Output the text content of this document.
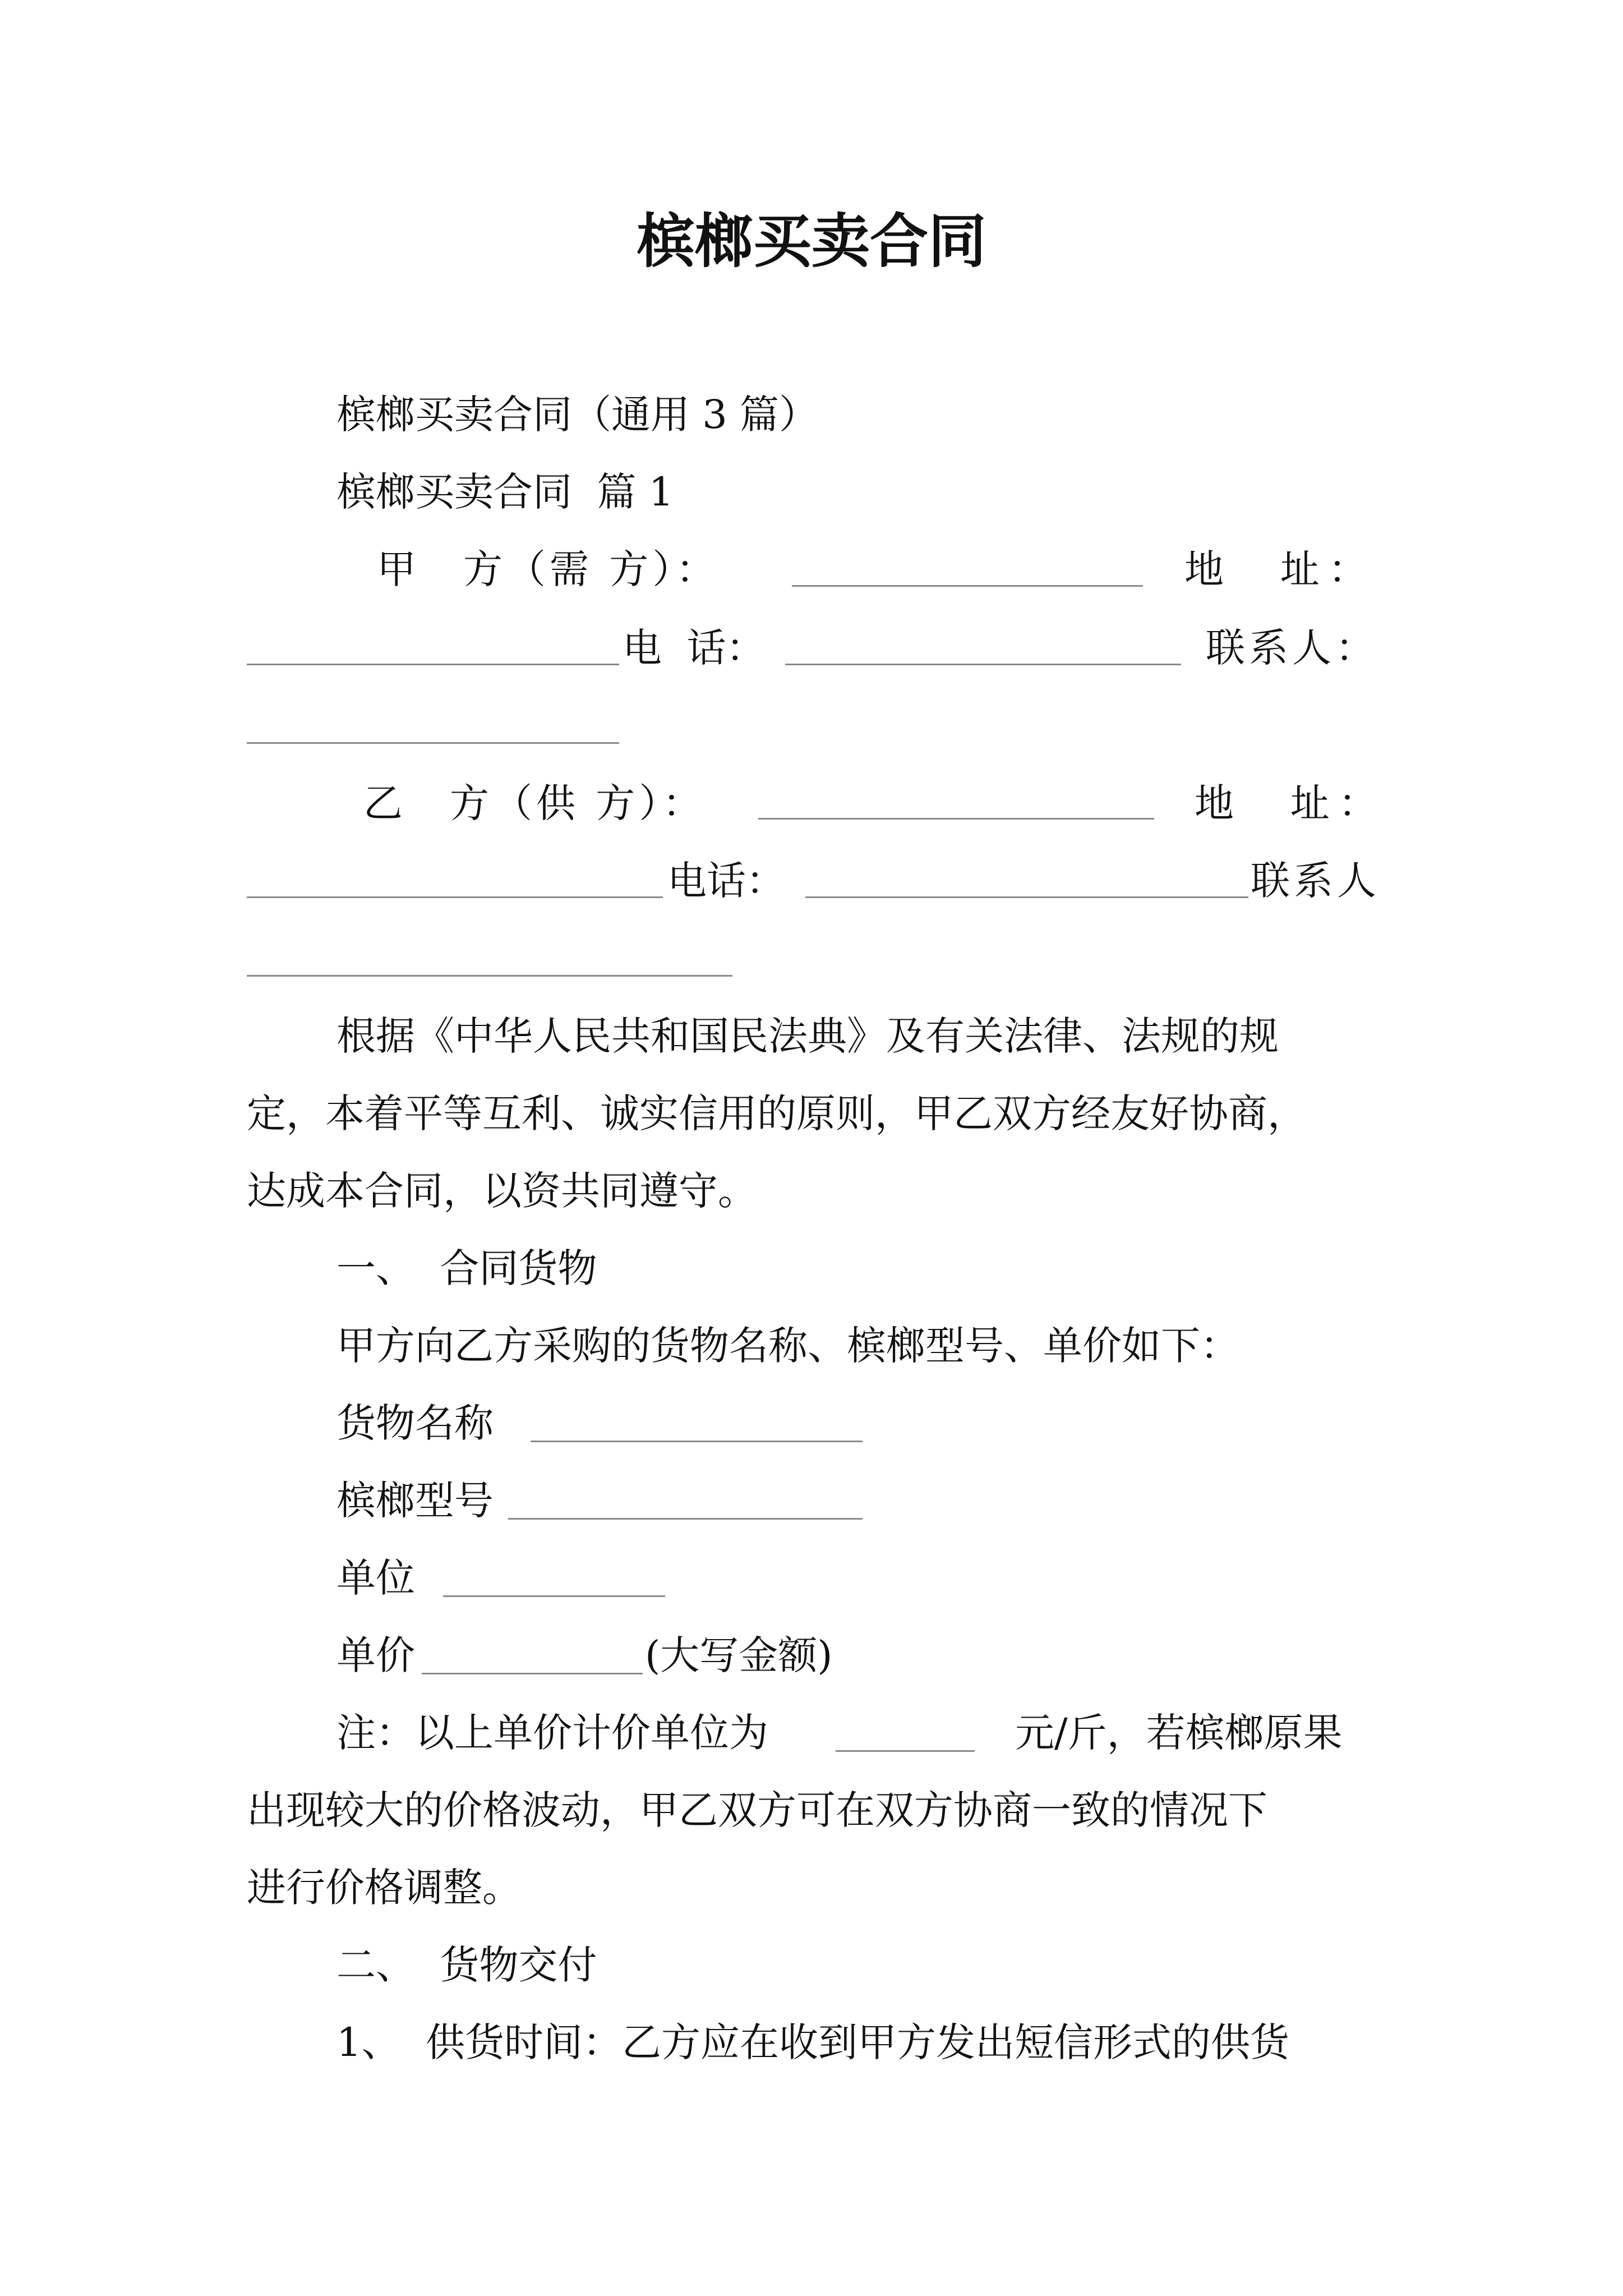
槟榔买卖合同

槟榔买卖合同（通用 3 篇）

槟榔买卖合同  篇 1

甲　方（需 方）：	地　址：

电  话：	联系人：

乙　方（供 方）：	地　址：

电话：	联系人

根据《中华人民共和国民法典》及有关法律、法规的规

定，本着平等互利、诚实信用的原则，甲乙双方经友好协商，

达成本合同，以资共同遵守。

一、  合同货物

甲方向乙方采购的货物名称、槟榔型号、单价如下：

货物名称

槟榔型号

单位

单价	(大写金额)

注：以上单价计价单位为	元/斤，若槟榔原果

出现较大的价格波动，甲乙双方可在双方协商一致的情况下

进行价格调整。

二、  货物交付

1、  供货时间：乙方应在收到甲方发出短信形式的供货
